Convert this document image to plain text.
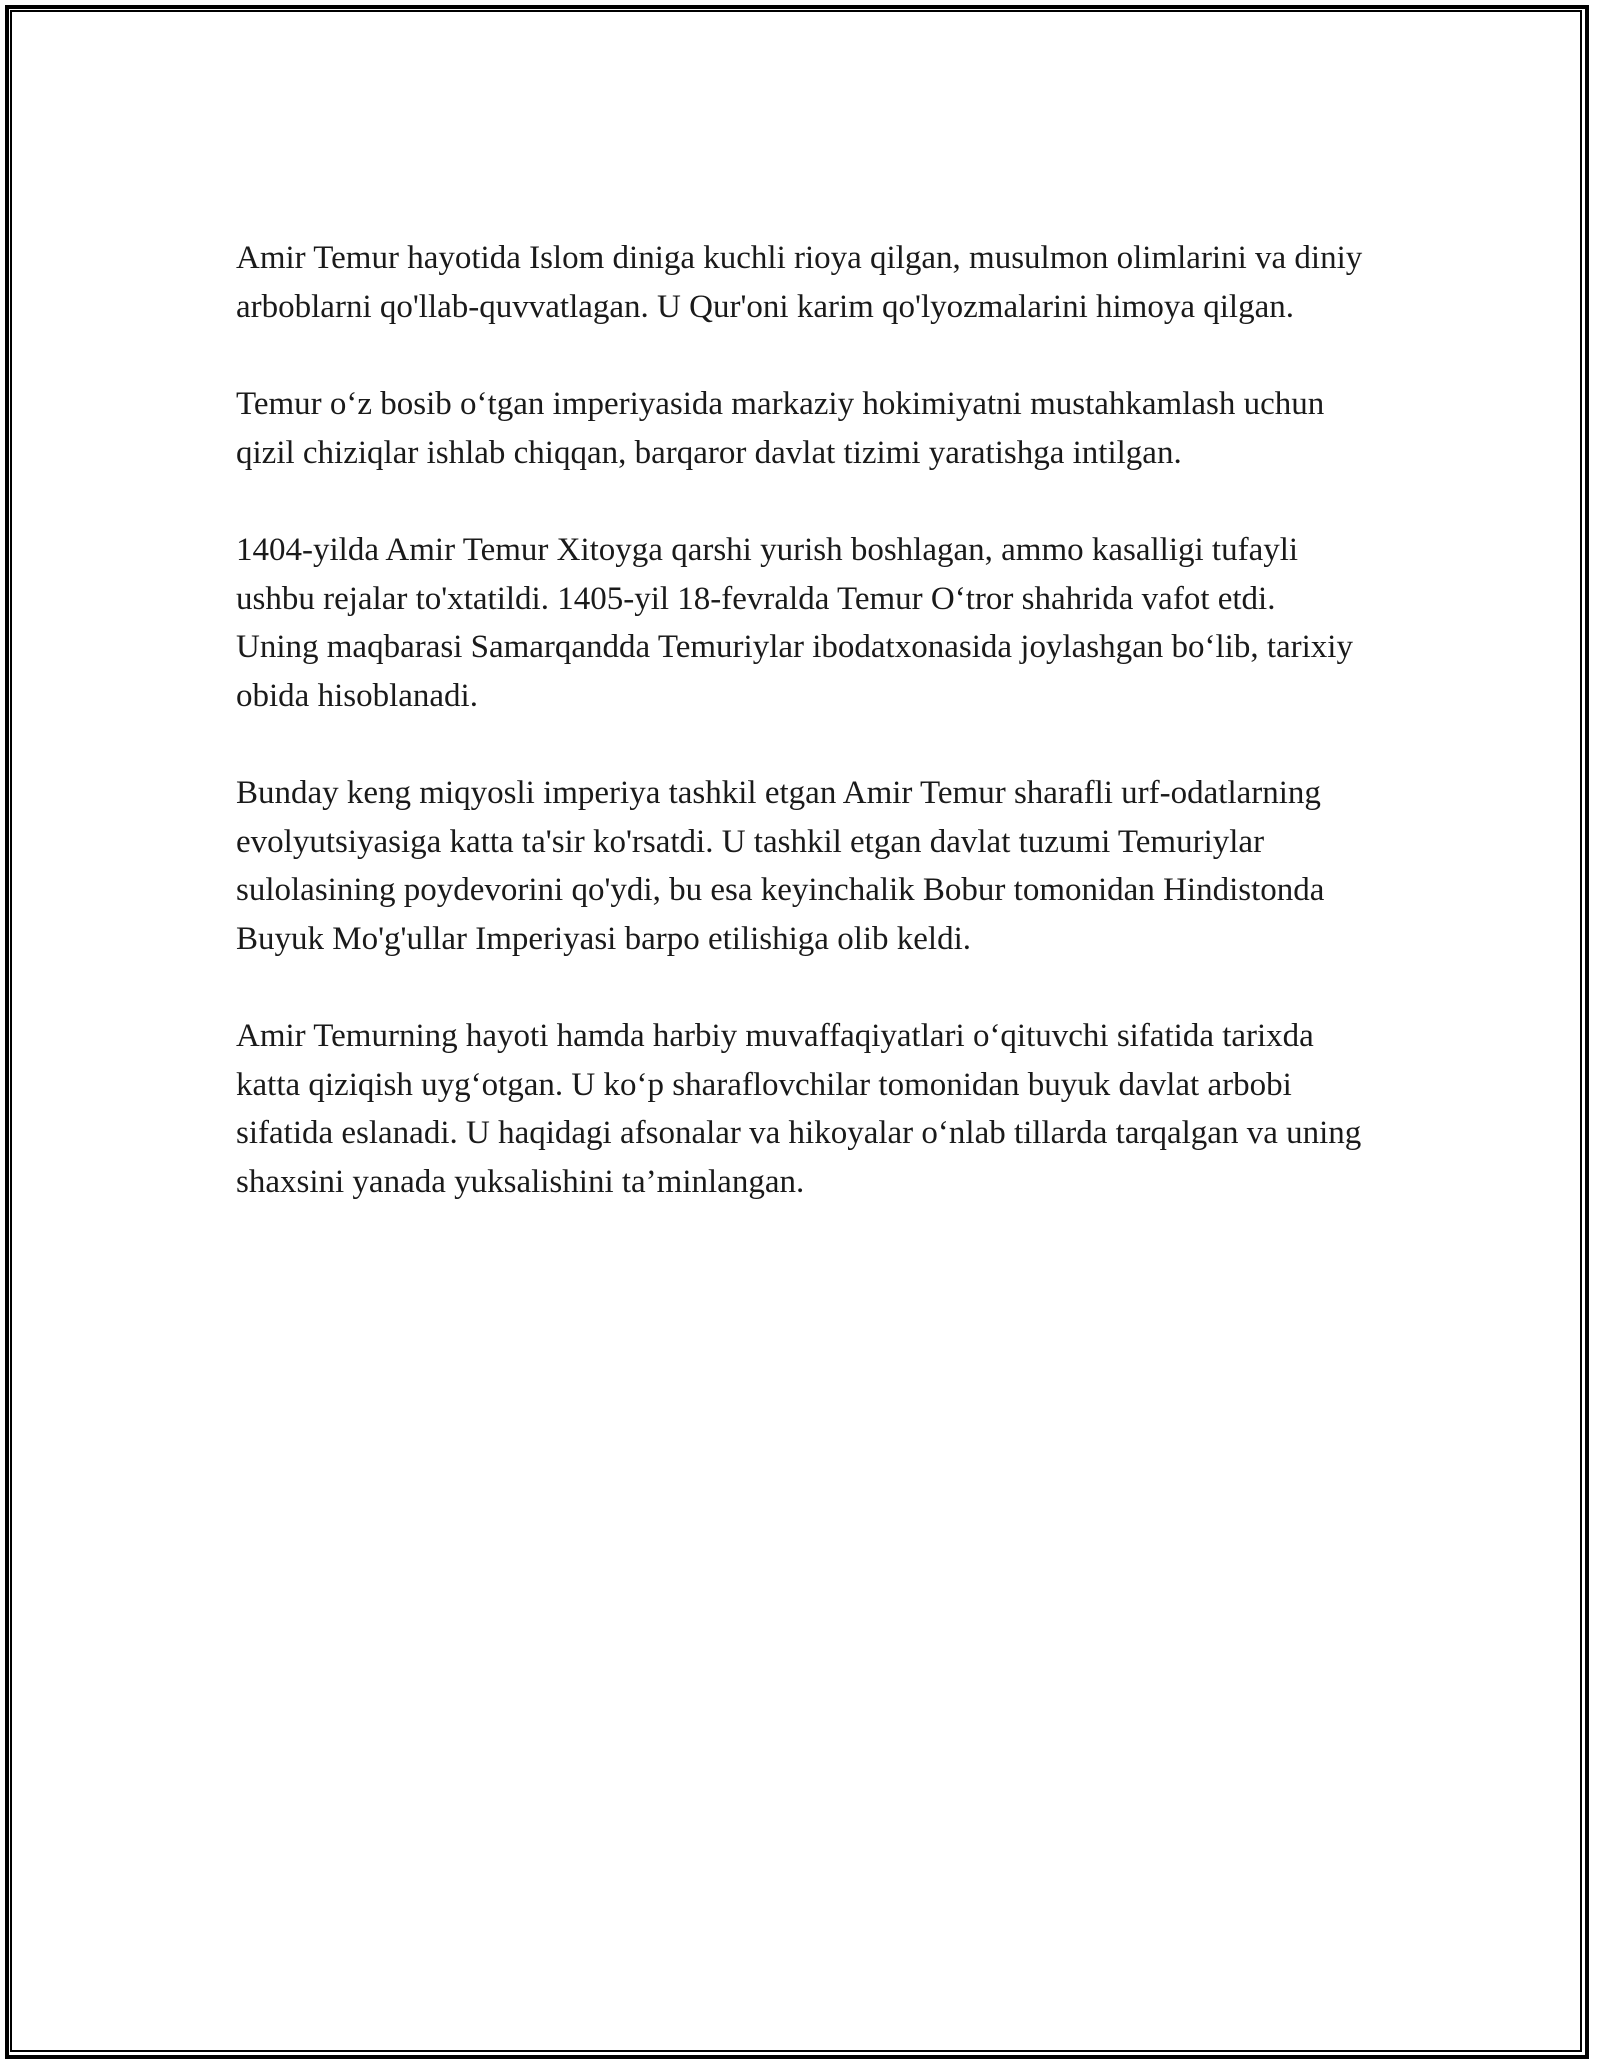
Amir Temur hayotida Islom diniga kuchli rioya qilgan, musulmon olimlarini va diniy arboblarni qo'llab-quvvatlagan. U Qur'oni karim qo'lyozmalarini himoya qilgan.

Temur o‘z bosib o‘tgan imperiyasida markaziy hokimiyatni mustahkamlash uchun qizil chiziqlar ishlab chiqqan, barqaror davlat tizimi yaratishga intilgan.

1404-yilda Amir Temur Xitoyga qarshi yurish boshlagan, ammo kasalligi tufayli ushbu rejalar to'xtatildi. 1405-yil 18-fevralda Temur O‘tror shahrida vafot etdi. Uning maqbarasi Samarqandda Temuriylar ibodatxonasida joylashgan bo‘lib, tarixiy obida hisoblanadi.

Bunday keng miqyosli imperiya tashkil etgan Amir Temur sharafli urf-odatlarning evolyutsiyasiga katta ta'sir ko'rsatdi. U tashkil etgan davlat tuzumi Temuriylar sulolasining poydevorini qo'ydi, bu esa keyinchalik Bobur tomonidan Hindistonda Buyuk Mo'g'ullar Imperiyasi barpo etilishiga olib keldi.

Amir Temurning hayoti hamda harbiy muvaffaqiyatlari o‘qituvchi sifatida tarixda katta qiziqish uyg‘otgan. U ko‘p sharaflovchilar tomonidan buyuk davlat arbobi sifatida eslanadi. U haqidagi afsonalar va hikoyalar o‘nlab tillarda tarqalgan va uning shaxsini yanada yuksalishini ta’minlangan.
